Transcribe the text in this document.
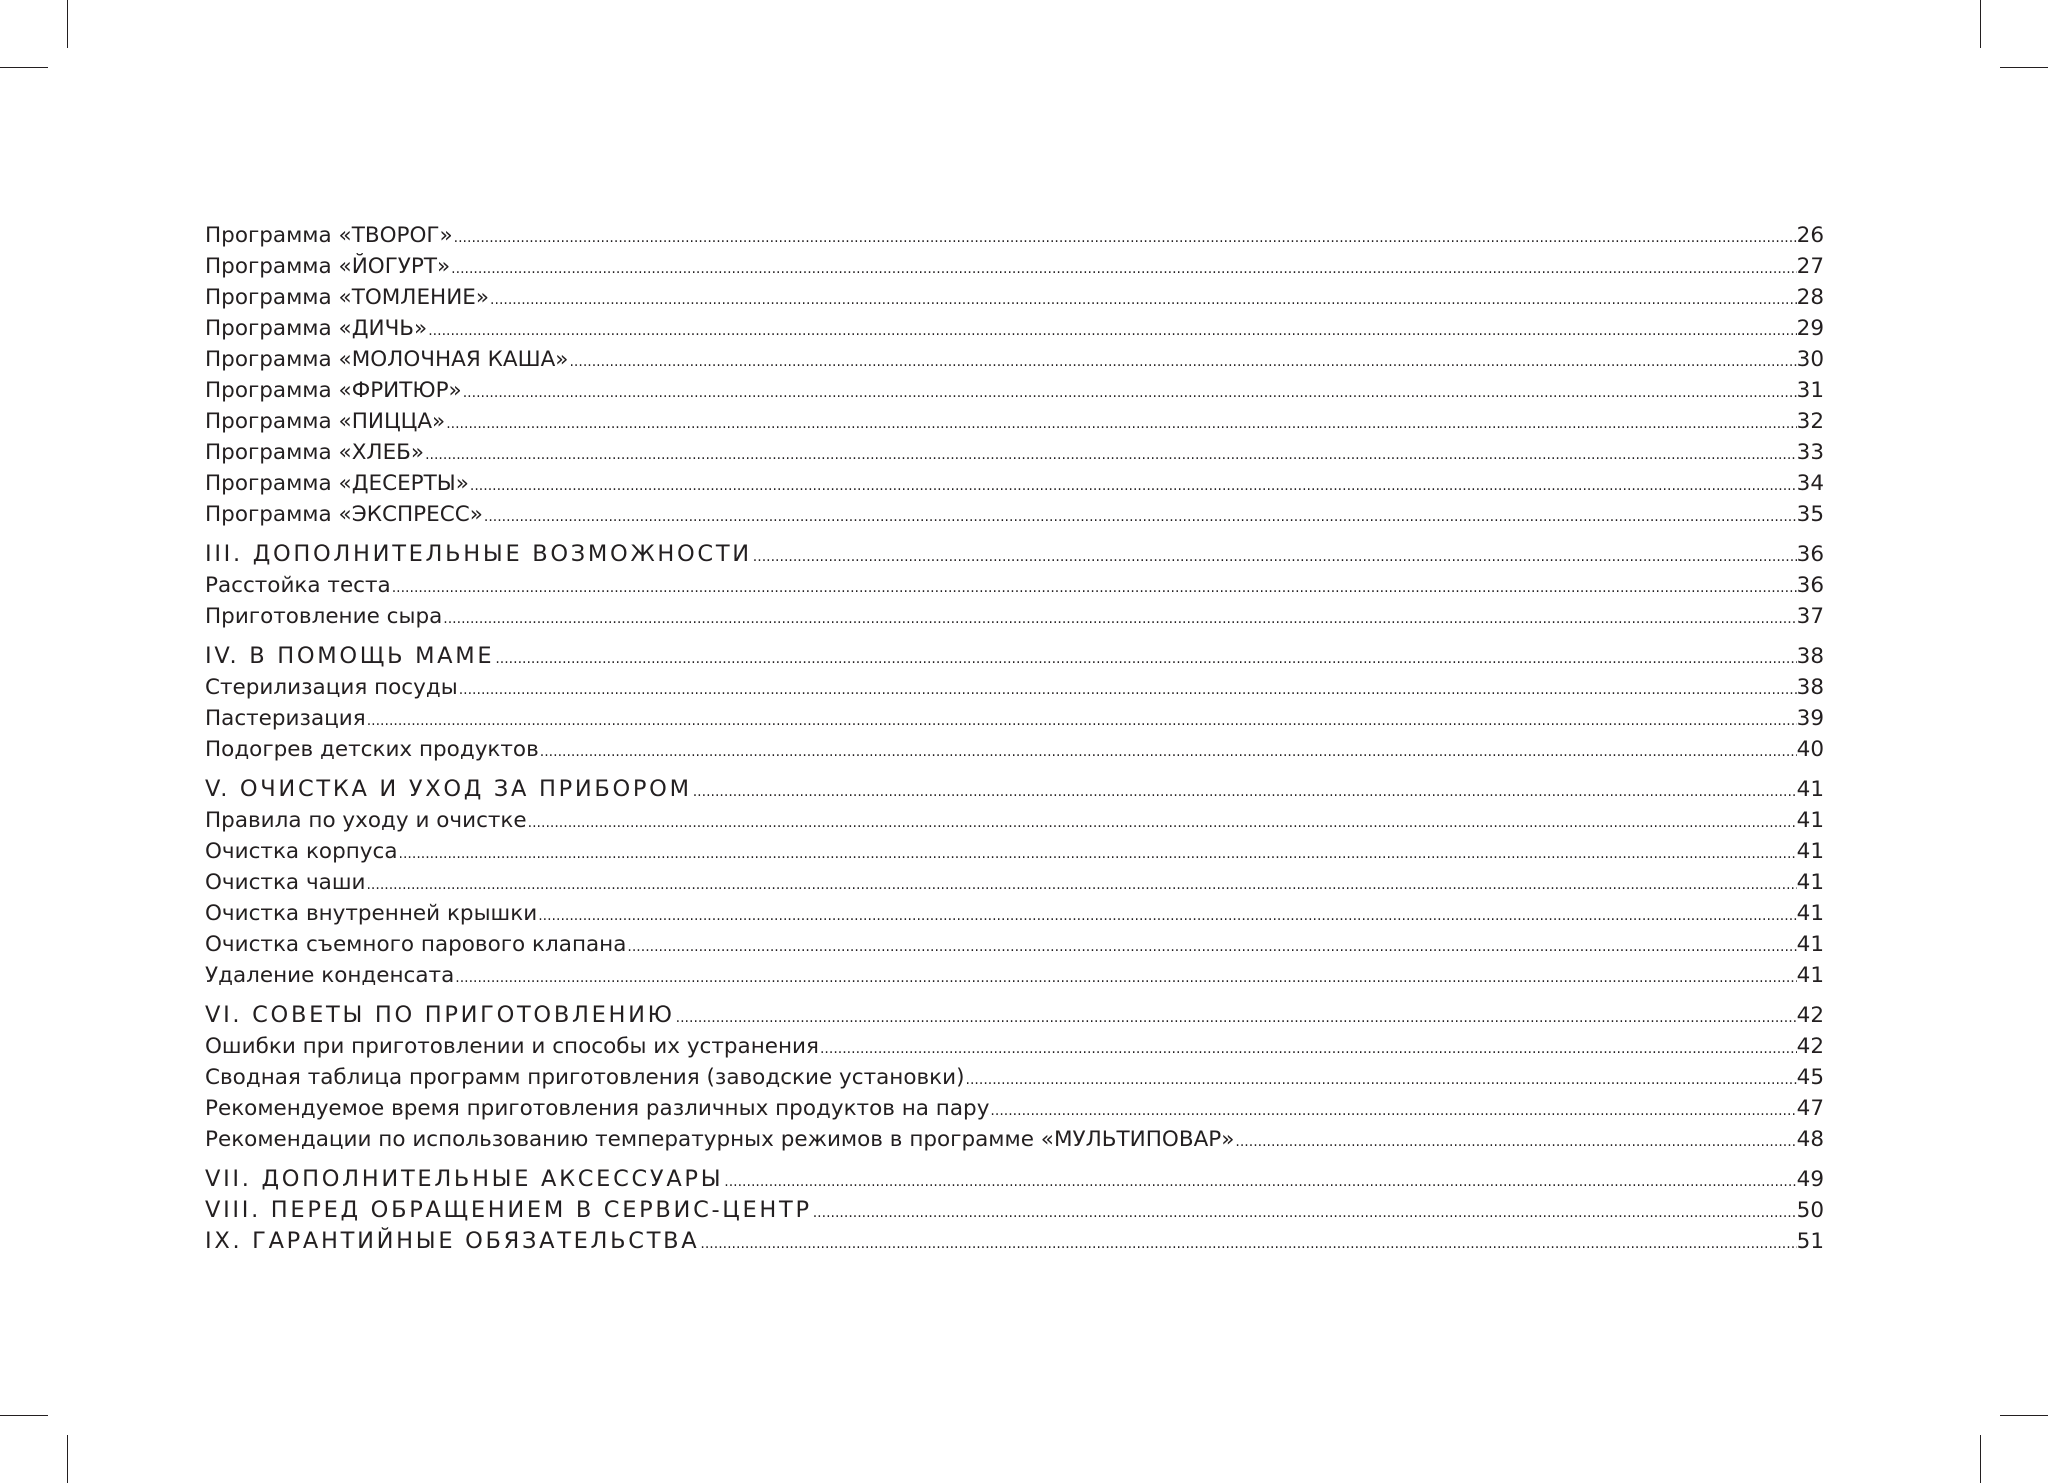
Программа «ТВОРОГ» .....	26
Программа «ЙОГУРТ» .....	27
Программа «ТОМЛЕНИЕ» .....	28
Программа «ДИЧЬ» .....	29
Программа «МОЛОЧНАЯ КАША» .....	30
Программа «ФРИТЮР» .....	31
Программа «ПИЦЦА» .....	32
Программа «ХЛЕБ» .....	33
Программа «ДЕСЕРТЫ» .....	34
Программа «ЭКСПРЕСС» .....	35
III. ДОПОЛНИТЕЛЬНЫЕ ВОЗМОЖНОСТИ .....	36
Расстойка теста .....	36
Приготовление сыра .....	37
IV. В ПОМОЩЬ МАМЕ .....	38
Стерилизация посуды .....	38
Пастеризация .....	39
Подогрев детских продуктов .....	40
V. ОЧИСТКА И УХОД ЗА ПРИБОРОМ .....	41
Правила по уходу и очистке .....	41
Очистка корпуса .....	41
Очистка чаши .....	41
Очистка внутренней крышки .....	41
Очистка съемного парового клапана .....	41
Удаление конденсата .....	41
VI. СОВЕТЫ ПО ПРИГОТОВЛЕНИЮ .....	42
Ошибки при приготовлении и способы их устранения .....	42
Сводная таблица программ приготовления (заводские установки) .....	45
Рекомендуемое время приготовления различных продуктов на пару .....	47
Рекомендации по использованию температурных режимов в программе «МУЛЬТИПОВАР» .....	48
VII. ДОПОЛНИТЕЛЬНЫЕ АКСЕССУАРЫ .....	49
VIII. ПЕРЕД ОБРАЩЕНИЕМ В СЕРВИС-ЦЕНТР .....	50
IX. ГАРАНТИЙНЫЕ ОБЯЗАТЕЛЬСТВА .....	51
